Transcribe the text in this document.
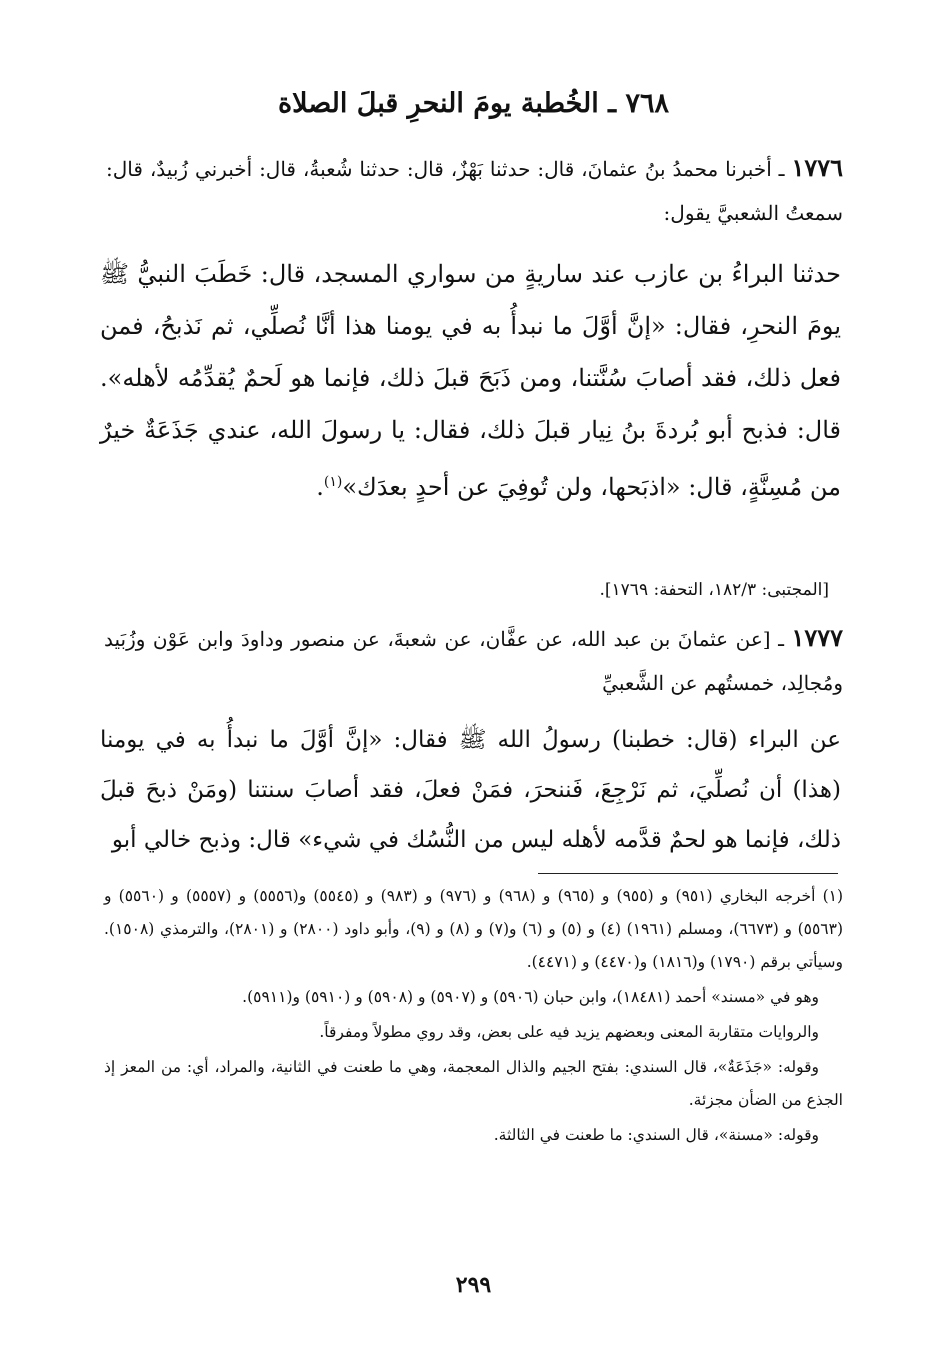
٧٦٨ ـ الخُطبة يومَ النحرِ قبلَ الصلاة
١٧٧٦ ـ أخبرنا محمدُ بنُ عثمانَ، قال: حدثنا بَهْزٌ، قال: حدثنا شُعبةُ، قال: أخبرني زُبيدٌ، قال: سمعتُ الشعبيَّ يقول:
حدثنا البراءُ بن عازب عند ساريةٍ من سواري المسجد، قال: خَطَبَ النبيُّ ﷺ يومَ النحرِ، فقال: «إنَّ أوَّلَ ما نبدأُ به في يومنا هذا أنَّا نُصلِّي، ثم نَذبحُ، فمن فعل ذلك، فقد أصابَ سُنَّتنا، ومن ذَبَحَ قبلَ ذلك، فإنما هو لَحمٌ يُقدِّمُه لأهله». قال: فذبح أبو بُردةَ بنُ نِيار قبلَ ذلك، فقال: يا رسولَ الله، عندي جَذَعَةٌ خيرٌ من مُسِنَّةٍ، قال: «اذبَحها، ولن تُوفِيَ عن أحدٍ بعدَك»$^{(١)}$.
[المجتبى: ١٨٢/٣، التحفة: ١٧٦٩].
١٧٧٧ ـ [عن عثمانَ بن عبد الله، عن عفَّان، عن شعبةَ، عن منصور وداودَ وابن عَوْن وزُبَيد ومُجالِد، خمستُهم عن الشَّعبيِّ
عن البراء (قال: خطبنا) رسولُ الله ﷺ فقال: «إنَّ أوَّلَ ما نبدأُ به في يومنا (هذا) أن نُصلِّيَ، ثم نَرْجِعَ، فَننحرَ، فمَنْ فعلَ، فقد أصابَ سنتنا (ومَنْ ذبحَ قبلَ ذلك، فإنما هو لحمٌ قدَّمه لأهله ليس من النُّسُك في شيء» قال: وذبح خالي أبو

(١) أخرجه البخاري (٩٥١) و (٩٥٥) و (٩٦٥) و (٩٦٨) و (٩٧٦) و (٩٨٣) و (٥٥٤٥) و(٥٥٥٦) و (٥٥٥٧) و (٥٥٦٠) و (٥٥٦٣) و (٦٦٧٣)، ومسلم (١٩٦١) (٤) و (٥) و (٦) و(٧) و (٨) و (٩)، وأبو داود (٢٨٠٠) و (٢٨٠١)، والترمذي (١٥٠٨). وسيأتي برقم (١٧٩٠) و(١٨١٦) و(٤٤٧٠) و (٤٤٧١).

وهو في «مسند» أحمد (١٨٤٨١)، وابن حبان (٥٩٠٦) و (٥٩٠٧) و (٥٩٠٨) و (٥٩١٠) و(٥٩١١).

والروايات متقاربة المعنى وبعضهم يزيد فيه على بعض، وقد روي مطولاً ومفرقاً.

وقوله: «جَذَعَةٌ»، قال السندي: بفتح الجيم والذال المعجمة، وهي ما طعنت في الثانية، والمراد، أي: من المعز إذ الجذع من الضأن مجزئة.

وقوله: «مسنة»، قال السندي: ما طعنت في الثالثة.

٢٩٩
